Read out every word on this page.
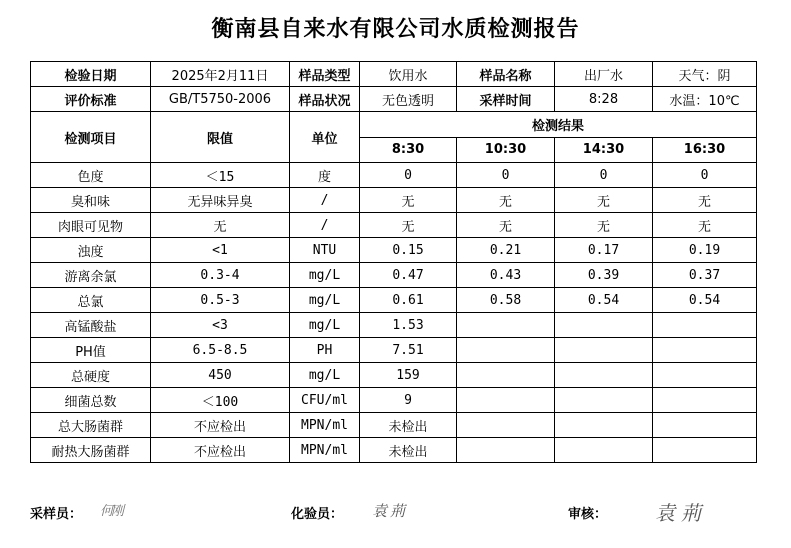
衡南县自来水有限公司水质检测报告
检验日期	2025年2月11日	样品类型	饮用水	样品名称	出厂水	天气：阴
评价标准	GB/T5750-2006	样品状况	无色透明	采样时间	8:28	水温：10℃
检测项目	限值	单位	检测结果			
			8:30	10:30	14:30	16:30
色度	＜15	度	0	0	0	0
臭和味	无异味异臭	/	无	无	无	无
肉眼可见物	无	/	无	无	无	无
浊度	<1	NTU	0.15	0.21	0.17	0.19
游离余氯	0.3-4	mg/L	0.47	0.43	0.39	0.37
总氯	0.5-3	mg/L	0.61	0.58	0.54	0.54
高锰酸盐	<3	mg/L	1.53			
PH值	6.5-8.5	PH	7.51			
总硬度	450	mg/L	159			
细菌总数	＜100	CFU/ml	9			
总大肠菌群	不应检出	MPN/ml	未检出			
耐热大肠菌群	不应检出	MPN/ml	未检出			
采样员： 何刚	化验员： 袁荊	审核： 袁荊
